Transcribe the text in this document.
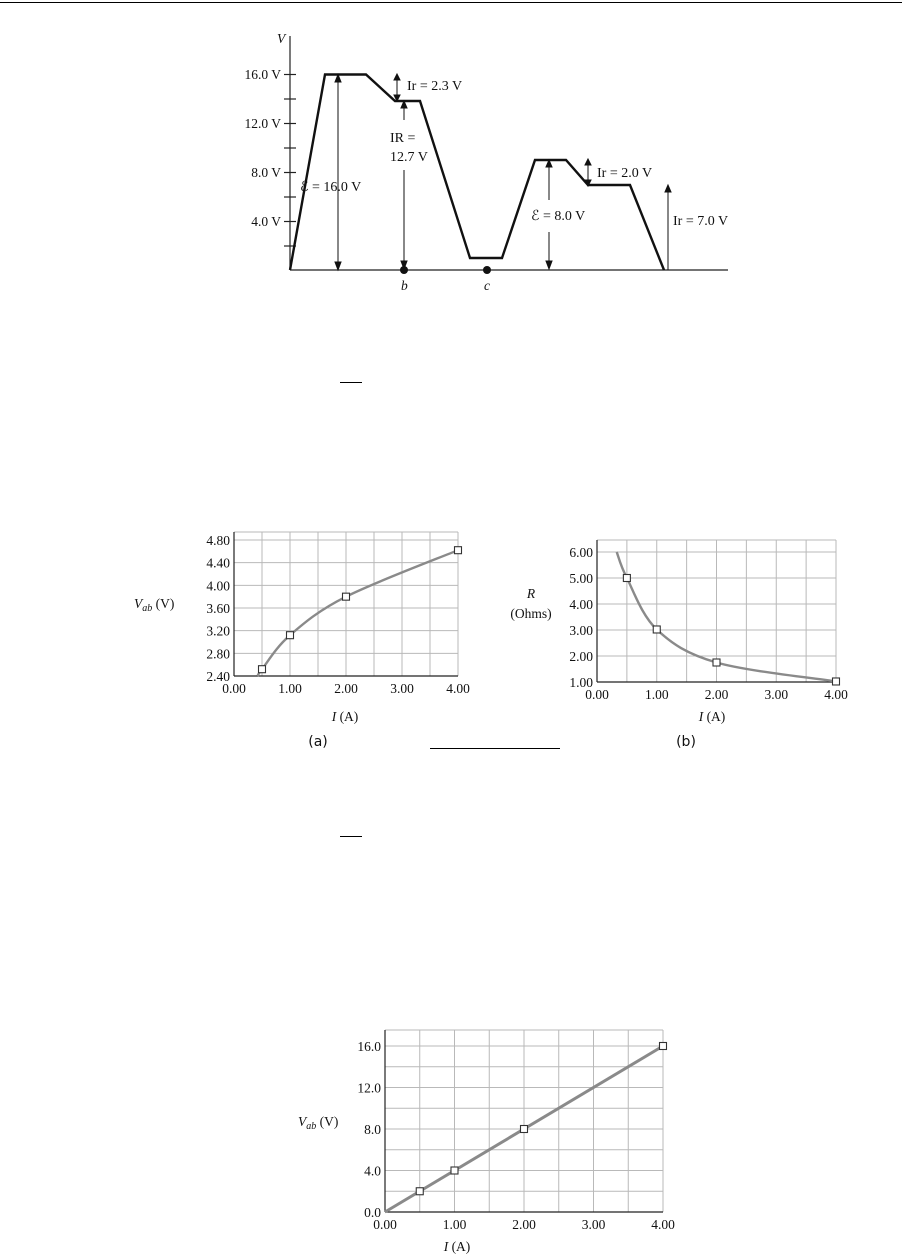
V
16.0 V
12.0 V
8.0 V
4.0 V
b	c
Ir = 2.3 V
IR =
12.7 V
ℰ = 16.0 V
Ir = 2.0 V
ℰ = 8.0 V	Ir = 7.0 V
4.80
4.40
4.00
3.60
3.20
2.80
2.40
0.00 1.00 2.00 3.00 4.00
$V_{ab}$ (V)
I (A)
(a)
6.00
5.00
4.00
3.00
2.00
1.00
0.00	1.00	2.00	3.00	4.00
R
(Ohms)
I (A)
(b)
16.0
12.0
8.0
4.0
0.0
0.00	1.00	2.00	3.00	4.00
$V_{ab}$ (V)
I (A)
